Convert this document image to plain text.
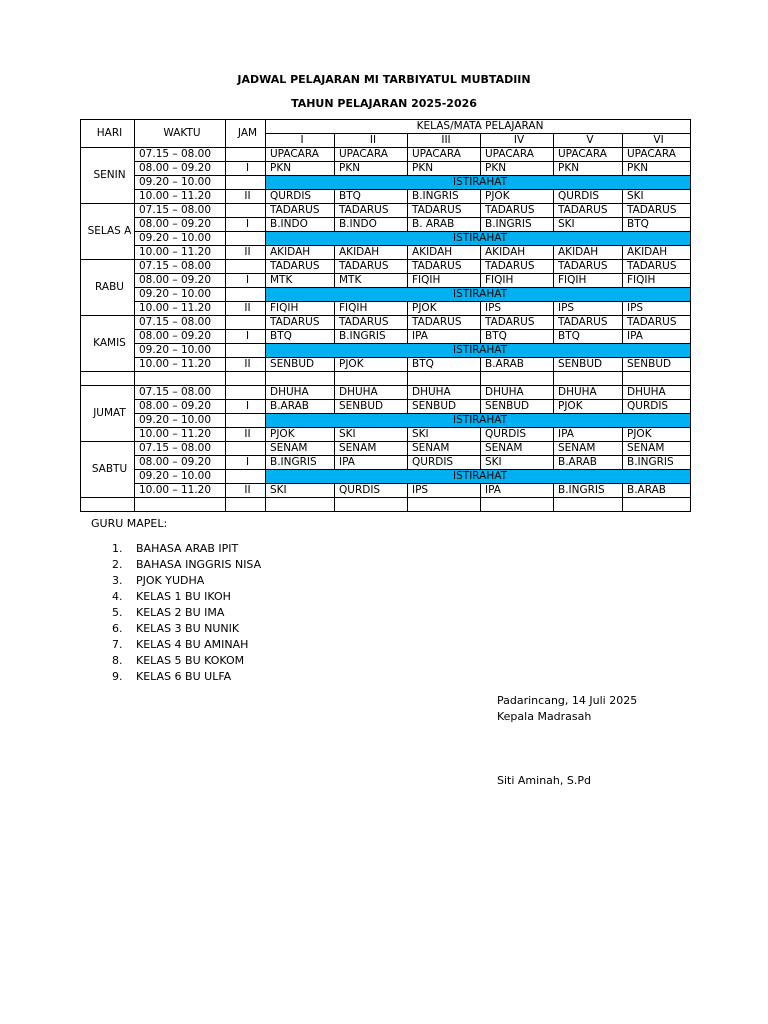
JADWAL PELAJARAN MI TARBIYATUL MUBTADIIN
TAHUN PELAJARAN 2025-2026
HARI	WAKTU	JAM	KELAS/MATA PELAJARAN					
			I	II	III	IV	V	VI
SENIN	07.15 – 08.00		UPACARA	UPACARA	UPACARA	UPACARA	UPACARA	UPACARA
	08.00 – 09.20	I	PKN	PKN	PKN	PKN	PKN	PKN
	09.20 – 10.00		ISTIRAHAT					
	10.00 – 11.20	II	QURDIS	BTQ	B.INGRIS	PJOK	QURDIS	SKI
SELAS A	07.15 – 08.00		TADARUS	TADARUS	TADARUS	TADARUS	TADARUS	TADARUS
	08.00 – 09.20	I	B.INDO	B.INDO	B. ARAB	B.INGRIS	SKI	BTQ
	09.20 – 10.00		ISTIRAHAT					
	10.00 – 11.20	II	AKIDAH	AKIDAH	AKIDAH	AKIDAH	AKIDAH	AKIDAH
RABU	07.15 – 08.00		TADARUS	TADARUS	TADARUS	TADARUS	TADARUS	TADARUS
	08.00 – 09.20	I	MTK	MTK	FIQIH	FIQIH	FIQIH	FIQIH
	09.20 – 10.00		ISTIRAHAT					
	10.00 – 11.20	II	FIQIH	FIQIH	PJOK	IPS	IPS	IPS
KAMIS	07.15 – 08.00		TADARUS	TADARUS	TADARUS	TADARUS	TADARUS	TADARUS
	08.00 – 09.20	I	BTQ	B.INGRIS	IPA	BTQ	BTQ	IPA
	09.20 – 10.00		ISTIRAHAT					
	10.00 – 11.20	II	SENBUD	PJOK	BTQ	B.ARAB	SENBUD	SENBUD

JUMAT	07.15 – 08.00		DHUHA	DHUHA	DHUHA	DHUHA	DHUHA	DHUHA
	08.00 – 09.20	I	B.ARAB	SENBUD	SENBUD	SENBUD	PJOK	QURDIS
	09.20 – 10.00		ISTIRAHAT					
	10.00 – 11.20	II	PJOK	SKI	SKI	QURDIS	IPA	PJOK
SABTU	07.15 – 08.00		SENAM	SENAM	SENAM	SENAM	SENAM	SENAM
	08.00 – 09.20	I	B.INGRIS	IPA	QURDIS	SKI	B.ARAB	B.INGRIS
	09.20 – 10.00		ISTIRAHAT					
	10.00 – 11.20	II	SKI	QURDIS	IPS	IPA	B.INGRIS	B.ARAB

GURU MAPEL:
1. BAHASA ARAB IPIT
2. BAHASA INGGRIS NISA
3. PJOK YUDHA
4. KELAS 1 BU IKOH
5. KELAS 2 BU IMA
6. KELAS 3 BU NUNIK
7. KELAS 4 BU AMINAH
8. KELAS 5 BU KOKOM
9. KELAS 6 BU ULFA
Padarincang, 14 Juli 2025
Kepala Madrasah
Siti Aminah, S.Pd
